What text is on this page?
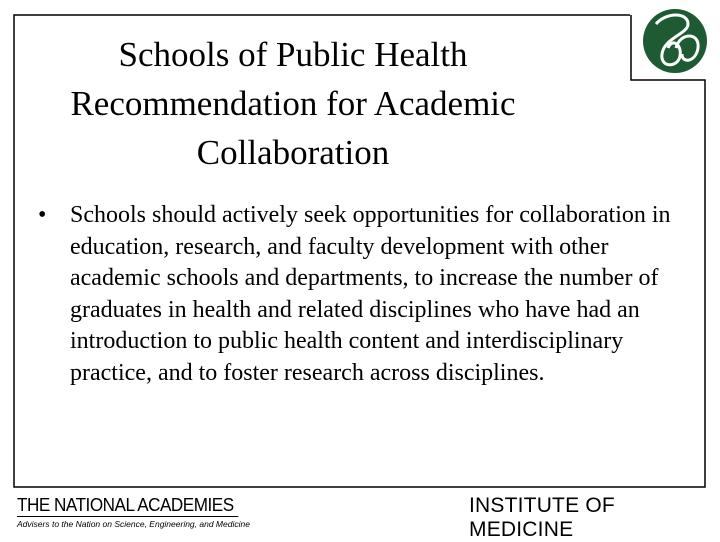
Schools of Public Health Recommendation for Academic Collaboration
• Schools should actively seek opportunities for collaboration in education, research, and faculty development with other academic schools and departments, to increase the number of graduates in health and related disciplines who have had an introduction to public health content and interdisciplinary practice, and to foster research across disciplines.
THE NATIONAL ACADEMIES
Advisers to the Nation on Science, Engineering, and Medicine
INSTITUTE OF MEDICINE
